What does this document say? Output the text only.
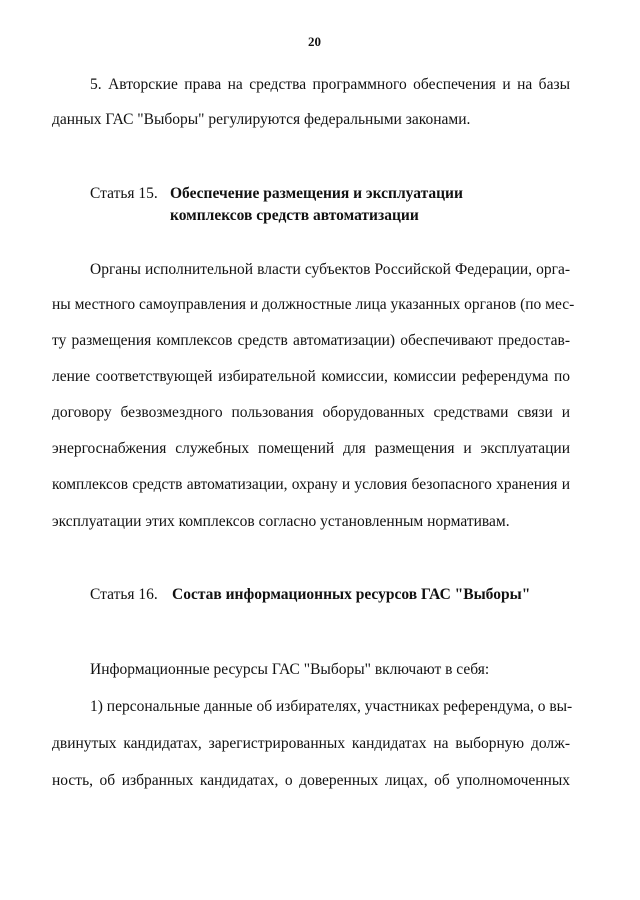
20
5. Авторские права на средства программного обеспечения и на базы
данных ГАС "Выборы" регулируются федеральными законами.
Статья 15. Обеспечение размещения и эксплуатации
комплексов средств автоматизации
Органы исполнительной власти субъектов Российской Федерации, орга-
ны местного самоуправления и должностные лица указанных органов (по мес-
ту размещения комплексов средств автоматизации) обеспечивают предостав-
ление соответствующей избирательной комиссии, комиссии референдума по
договору безвозмездного пользования оборудованных средствами связи и
энергоснабжения служебных помещений для размещения и эксплуатации
комплексов средств автоматизации, охрану и условия безопасного хранения и
эксплуатации этих комплексов согласно установленным нормативам.
Статья 16. Состав информационных ресурсов ГАС "Выборы"
Информационные ресурсы ГАС "Выборы" включают в себя:
1) персональные данные об избирателях, участниках референдума, о вы-
двинутых кандидатах, зарегистрированных кандидатах на выборную долж-
ность, об избранных кандидатах, о доверенных лицах, об уполномоченных
